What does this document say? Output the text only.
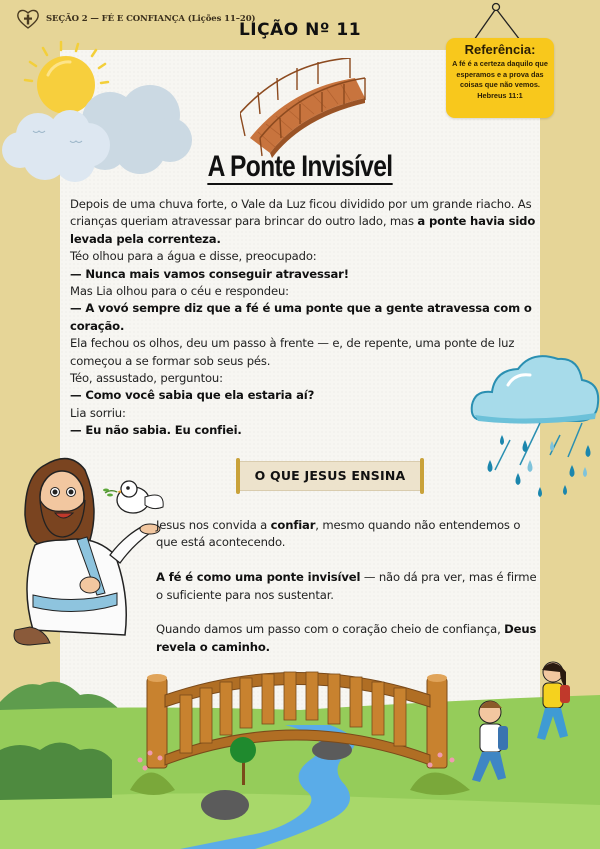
SEÇÃO 2 — FÉ E CONFIANÇA (Lições 11–20)
LIÇÃO Nº 11
Referência:
A fé é a certeza daquilo que esperamos e a prova das coisas que não vemos.
Hebreus 11:1
A Ponte Invisível

Depois de uma chuva forte, o Vale da Luz ficou dividido por um grande riacho. As crianças queriam atravessar para brincar do outro lado, mas a ponte havia sido levada pela correnteza.

Téo olhou para a água e disse, preocupado:

— Nunca mais vamos conseguir atravessar!

Mas Lia olhou para o céu e respondeu:

— A vovó sempre diz que a fé é uma ponte que a gente atravessa com o coração.

Ela fechou os olhos, deu um passo à frente — e, de repente, uma ponte de luz começou a se formar sob seus pés.

Téo, assustado, perguntou:

— Como você sabia que ela estaria aí?

Lia sorriu:

— Eu não sabia. Eu confiei.

O QUE JESUS ENSINA

Jesus nos convida a confiar, mesmo quando não entendemos o que está acontecendo.

A fé é como uma ponte invisível — não dá pra ver, mas é firme o suficiente para nos sustentar.

Quando damos um passo com o coração cheio de confiança, Deus revela o caminho.
